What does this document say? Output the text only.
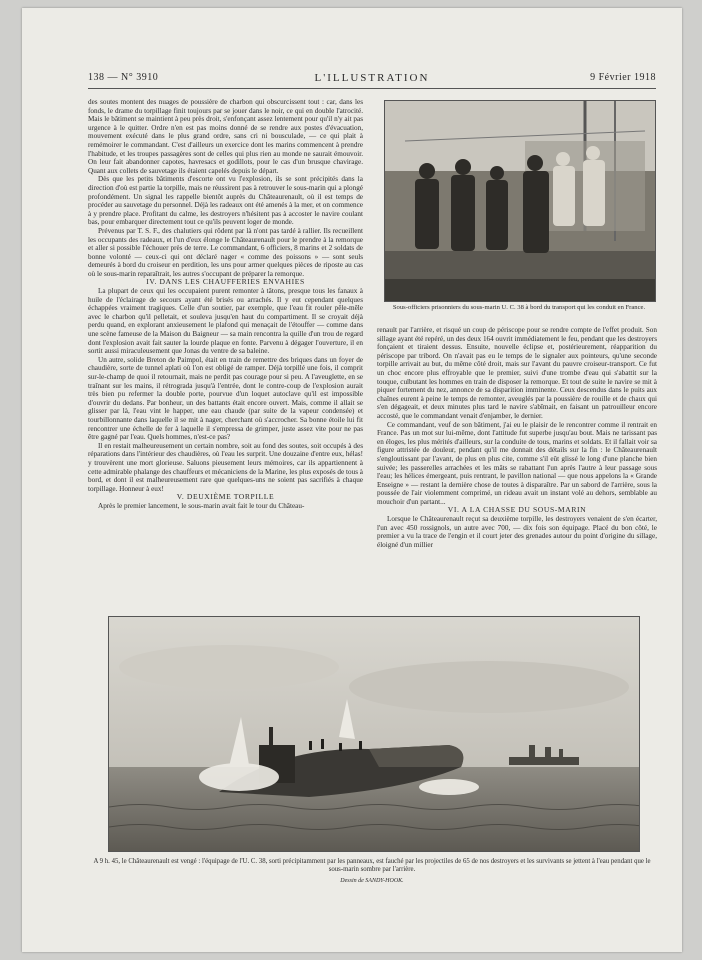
138 — N° 3910	L'ILLUSTRATION	9 Février 1918

des soutes montent des nuages de poussière de charbon qui obscurcissent tout : car, dans les fonds, le drame du torpillage finit toujours par se jouer dans le noir, ce qui en double l'atrocité. Mais le bâtiment se maintient à peu près droit, s'enfonçant assez lentement pour qu'il n'y ait pas urgence à le quitter. Ordre n'en est pas moins donné de se rendre aux postes d'évacuation, mouvement exécuté dans le plus grand ordre, sans cri ni bousculade, — ce qui plait à remémoirer le commandant. C'est d'ailleurs un exercice dont les marins commencent à prendre l'habitude, et les troupes passagères sont de celles qui plus rien au monde ne saurait émouvoir. On leur fait abandonner capotes, havresacs et godillots, pour le cas d'un brusque chavirage. Quant aux collets de sauvetage ils étaient capelés depuis le départ.

Dès que les petits bâtiments d'escorte ont vu l'explosion, ils se sont précipités dans la direction d'où est partie la torpille, mais ne réussirent pas à retrouver le sous-marin qui a plongé profondément. Un signal les rappelle bientôt auprès du Châteaurenault, où il est temps de procéder au sauvetage du personnel. Déjà les radeaux ont été amenés à la mer, et on commence à y prendre place. Profitant du calme, les destroyers n'hésitent pas à accoster le navire coulant bas, pour embarquer directement tout ce qu'ils peuvent loger de monde.

Prévenus par T. S. F., des chalutiers qui rôdent par là n'ont pas tardé à rallier. Ils recueillent les occupants des radeaux, et l'un d'eux élonge le Châteaurenault pour le prendre à la remorque et aller si possible l'échouer près de terre. Le commandant, 6 officiers, 8 marins et 2 soldats de bonne volonté — ceux-ci qui ont déclaré nager « comme des poissons » — sont seuls demeurés à bord du croiseur en perdition, les uns pour armer quelques pièces de riposte au cas où le sous-marin reparaîtrait, les autres s'occupant de préparer la remorque.

IV. DANS LES CHAUFFERIES ENVAHIES

La plupart de ceux qui les occupaient purent remonter à tâtons, presque tous les fanaux à huile de l'éclairage de secours ayant été brisés ou arrachés. Il y eut cependant quelques échappées vraiment tragiques. Celle d'un soutier, par exemple, que l'eau fit rouler pêle-mêle avec le charbon qu'il pelletait, et souleva jusqu'en haut du compartiment. Il se croyait déjà perdu quand, en explorant anxieusement le plafond qui menaçait de l'étouffer — comme dans une scène fameuse de la Maison du Baigneur — sa main rencontra la quille d'un trou de regard dont l'explosion avait fait sauter la lourde plaque en fonte. Parvenu à dégager l'ouverture, il en sortit aussi miraculeusement que Jonas du ventre de sa baleine.

Un autre, solide Breton de Paimpol, était en train de remettre des briques dans un foyer de chaudière, sorte de tunnel aplati où l'on est obligé de ramper. Déjà torpillé une fois, il comprit sur-le-champ de quoi il retournait, mais ne perdit pas courage pour si peu. A l'aveuglette, en se traînant sur les mains, il rétrograda jusqu'à l'entrée, dont le contre-coup de l'explosion aurait très bien pu refermer la double porte, pourvue d'un loquet autoclave qu'il est impossible d'ouvrir du dedans. Par bonheur, un des battants était encore ouvert. Mais, comme il allait se glisser par là, l'eau vint le happer, une eau chaude (par suite de la vapeur condensée) et tourbillonnante dans laquelle il se mit à nager, cherchant où s'accrocher. Sa bonne étoile lui fit rencontrer une échelle de fer à laquelle il s'empressa de grimper, juste assez vite pour ne pas être gagné par l'eau. Quels hommes, n'est-ce pas?

Il en restait malheureusement un certain nombre, soit au fond des soutes, soit occupés à des réparations dans l'intérieur des chaudières, où l'eau les surprit. Une douzaine d'entre eux, hélas! y trouvèrent une mort glorieuse. Saluons pieusement leurs mémoires, car ils appartiennent à cette admirable phalange des chauffeurs et mécaniciens de la Marine, les plus exposés de tous à bord, et dont il est malheureusement rare que quelques-uns ne soient pas sacrifiés à chaque torpillage. Honneur à eux!

V. DEUXIÈME TORPILLE

Après le premier lancement, le sous-marin avait fait le tour du Château-

Sous-officiers prisonniers du sous-marin U. C. 38 à bord du transport qui les conduit en France.

renault par l'arrière, et risqué un coup de périscope pour se rendre compte de l'effet produit. Son sillage ayant été repéré, un des deux 164 ouvrit immédiatement le feu, pendant que les destroyers fonçaient et tiraient dessus. Ensuite, nouvelle éclipse et, postérieurement, réapparition du périscope par tribord. On n'avait pas eu le temps de le signaler aux pointeurs, qu'une seconde torpille arrivait au but, du même côté droit, mais sur l'avant du pauvre croiseur-transport. Ce fut un choc encore plus effroyable que le premier, suivi d'une trombe d'eau qui s'abattit sur la touque, culbutant les hommes en train de disposer la remorque. Et tout de suite le navire se mit à piquer fortement du nez, annonce de sa disparition imminente. Ceux descendus dans le puits aux chaînes eurent à peine le temps de remonter, aveuglés par la poussière de rouille et de chaux qui s'en dégageait, et deux minutes plus tard le navire s'abîmait, en faisant un patrouilleur encore accosté, que le commandant venait d'enjamber, le dernier.

Ce commandant, veuf de son bâtiment, j'ai eu le plaisir de le rencontrer comme il rentrait en France. Pas un mot sur lui-même, dont l'attitude fut superbe jusqu'au bout. Mais ne tarissant pas en éloges, les plus mérités d'ailleurs, sur la conduite de tous, marins et soldats. Et il fallait voir sa figure attristée de douleur, pendant qu'il me donnait des détails sur la fin : le Châteaurenault s'engloutissant par l'avant, de plus en plus cite, comme s'il eût glissé le long d'une planche bien suivée; les passerelles arrachées et les mâts se rabattant l'un après l'autre à leur passage sous l'eau; les hélices émergeant, puis rentrant, le pavillon national — que nous appelons la « Grande Enseigne » — restant la dernière chose de toutes à disparaître. Par un sabord de l'arrière, sous la poussée de l'air violemment comprimé, un rideau avait un instant volé au dehors, semblable au mouchoir d'un partant...

VI. A LA CHASSE DU SOUS-MARIN

Lorsque le Châteaurenault reçut sa deuxième torpille, les destroyers venaient de s'en écarter, l'un avec 450 rossignols, un autre avec 700, — dix fois son équipage. Placé du bon côté, le premier a vu la trace de l'engin et il court jeter des grenades autour du point d'origine du sillage, éloigné d'un millier

A 9 h. 45, le Châteaurenault est vengé : l'équipage de l'U. C. 38, sorti précipitamment par les panneaux, est fauché par les projectiles de 65 de nos destroyers et les survivants se jettent à l'eau pendant que le sous-marin sombre par l'arrière.
Dessin de SANDY-HOOK.
